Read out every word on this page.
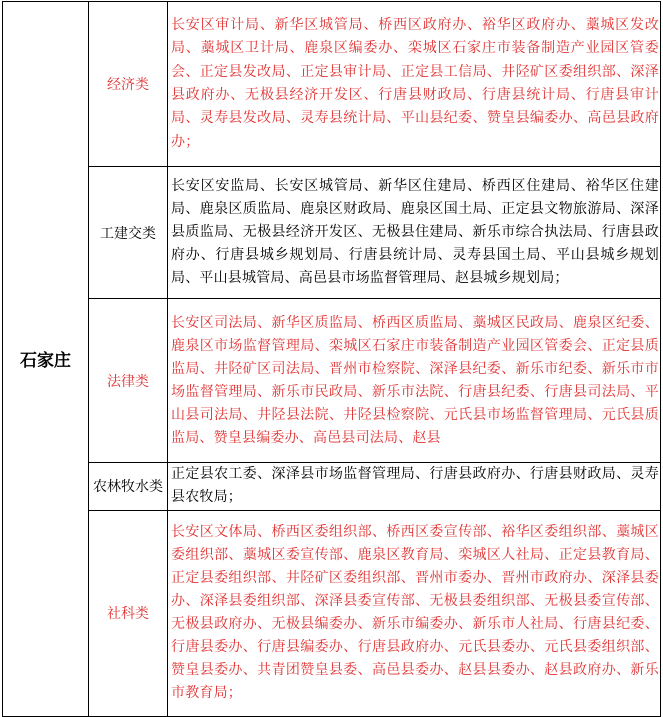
石家庄	经济类	长安区审计局、新华区城管局、桥西区政府办、裕华区政府办、藁城区发改局、藁城区卫计局、鹿泉区编委办、栾城区石家庄市装备制造产业园区管委会、正定县发改局、正定县审计局、正定县工信局、井陉矿区委组织部、深泽县政府办、无极县经济开发区、行唐县财政局、行唐县统计局、行唐县审计局、灵寿县发改局、灵寿县统计局、平山县纪委、赞皇县编委办、高邑县政府办；
	工建交类	长安区安监局、长安区城管局、新华区住建局、桥西区住建局、裕华区住建局、鹿泉区质监局、鹿泉区财政局、鹿泉区国土局、正定县文物旅游局、深泽县质监局、无极县经济开发区、无极县住建局、新乐市综合执法局、行唐县政府办、行唐县城乡规划局、行唐县统计局、灵寿县国土局、平山县城乡规划局、平山县城管局、高邑县市场监督管理局、赵县城乡规划局；
	法律类	长安区司法局、新华区质监局、桥西区质监局、藁城区民政局、鹿泉区纪委、鹿泉区市场监督管理局、栾城区石家庄市装备制造产业园区管委会、正定县质监局、井陉矿区司法局、晋州市检察院、深泽县纪委、新乐市纪委、新乐市市场监督管理局、新乐市民政局、新乐市法院、行唐县纪委、行唐县司法局、平山县司法局、井陉县法院、井陉县检察院、元氏县市场监督管理局、元氏县质监局、赞皇县编委办、高邑县司法局、赵县
	农林牧水类	正定县农工委、深泽县市场监督管理局、行唐县政府办、行唐县财政局、灵寿县农牧局；
	社科类	长安区文体局、桥西区委组织部、桥西区委宣传部、裕华区委组织部、藁城区委组织部、藁城区委宣传部、鹿泉区教育局、栾城区人社局、正定县教育局、正定县委组织部、井陉矿区委组织部、晋州市委办、晋州市政府办、深泽县委办、深泽县委组织部、深泽县委宣传部、无极县委组织部、无极县委宣传部、无极县政府办、无极县编委办、新乐市编委办、新乐市人社局、行唐县纪委、行唐县委办、行唐县编委办、行唐县政府办、元氏县委办、元氏县委组织部、赞皇县委办、共青团赞皇县委、高邑县委办、赵县县委办、赵县政府办、新乐市教育局；
